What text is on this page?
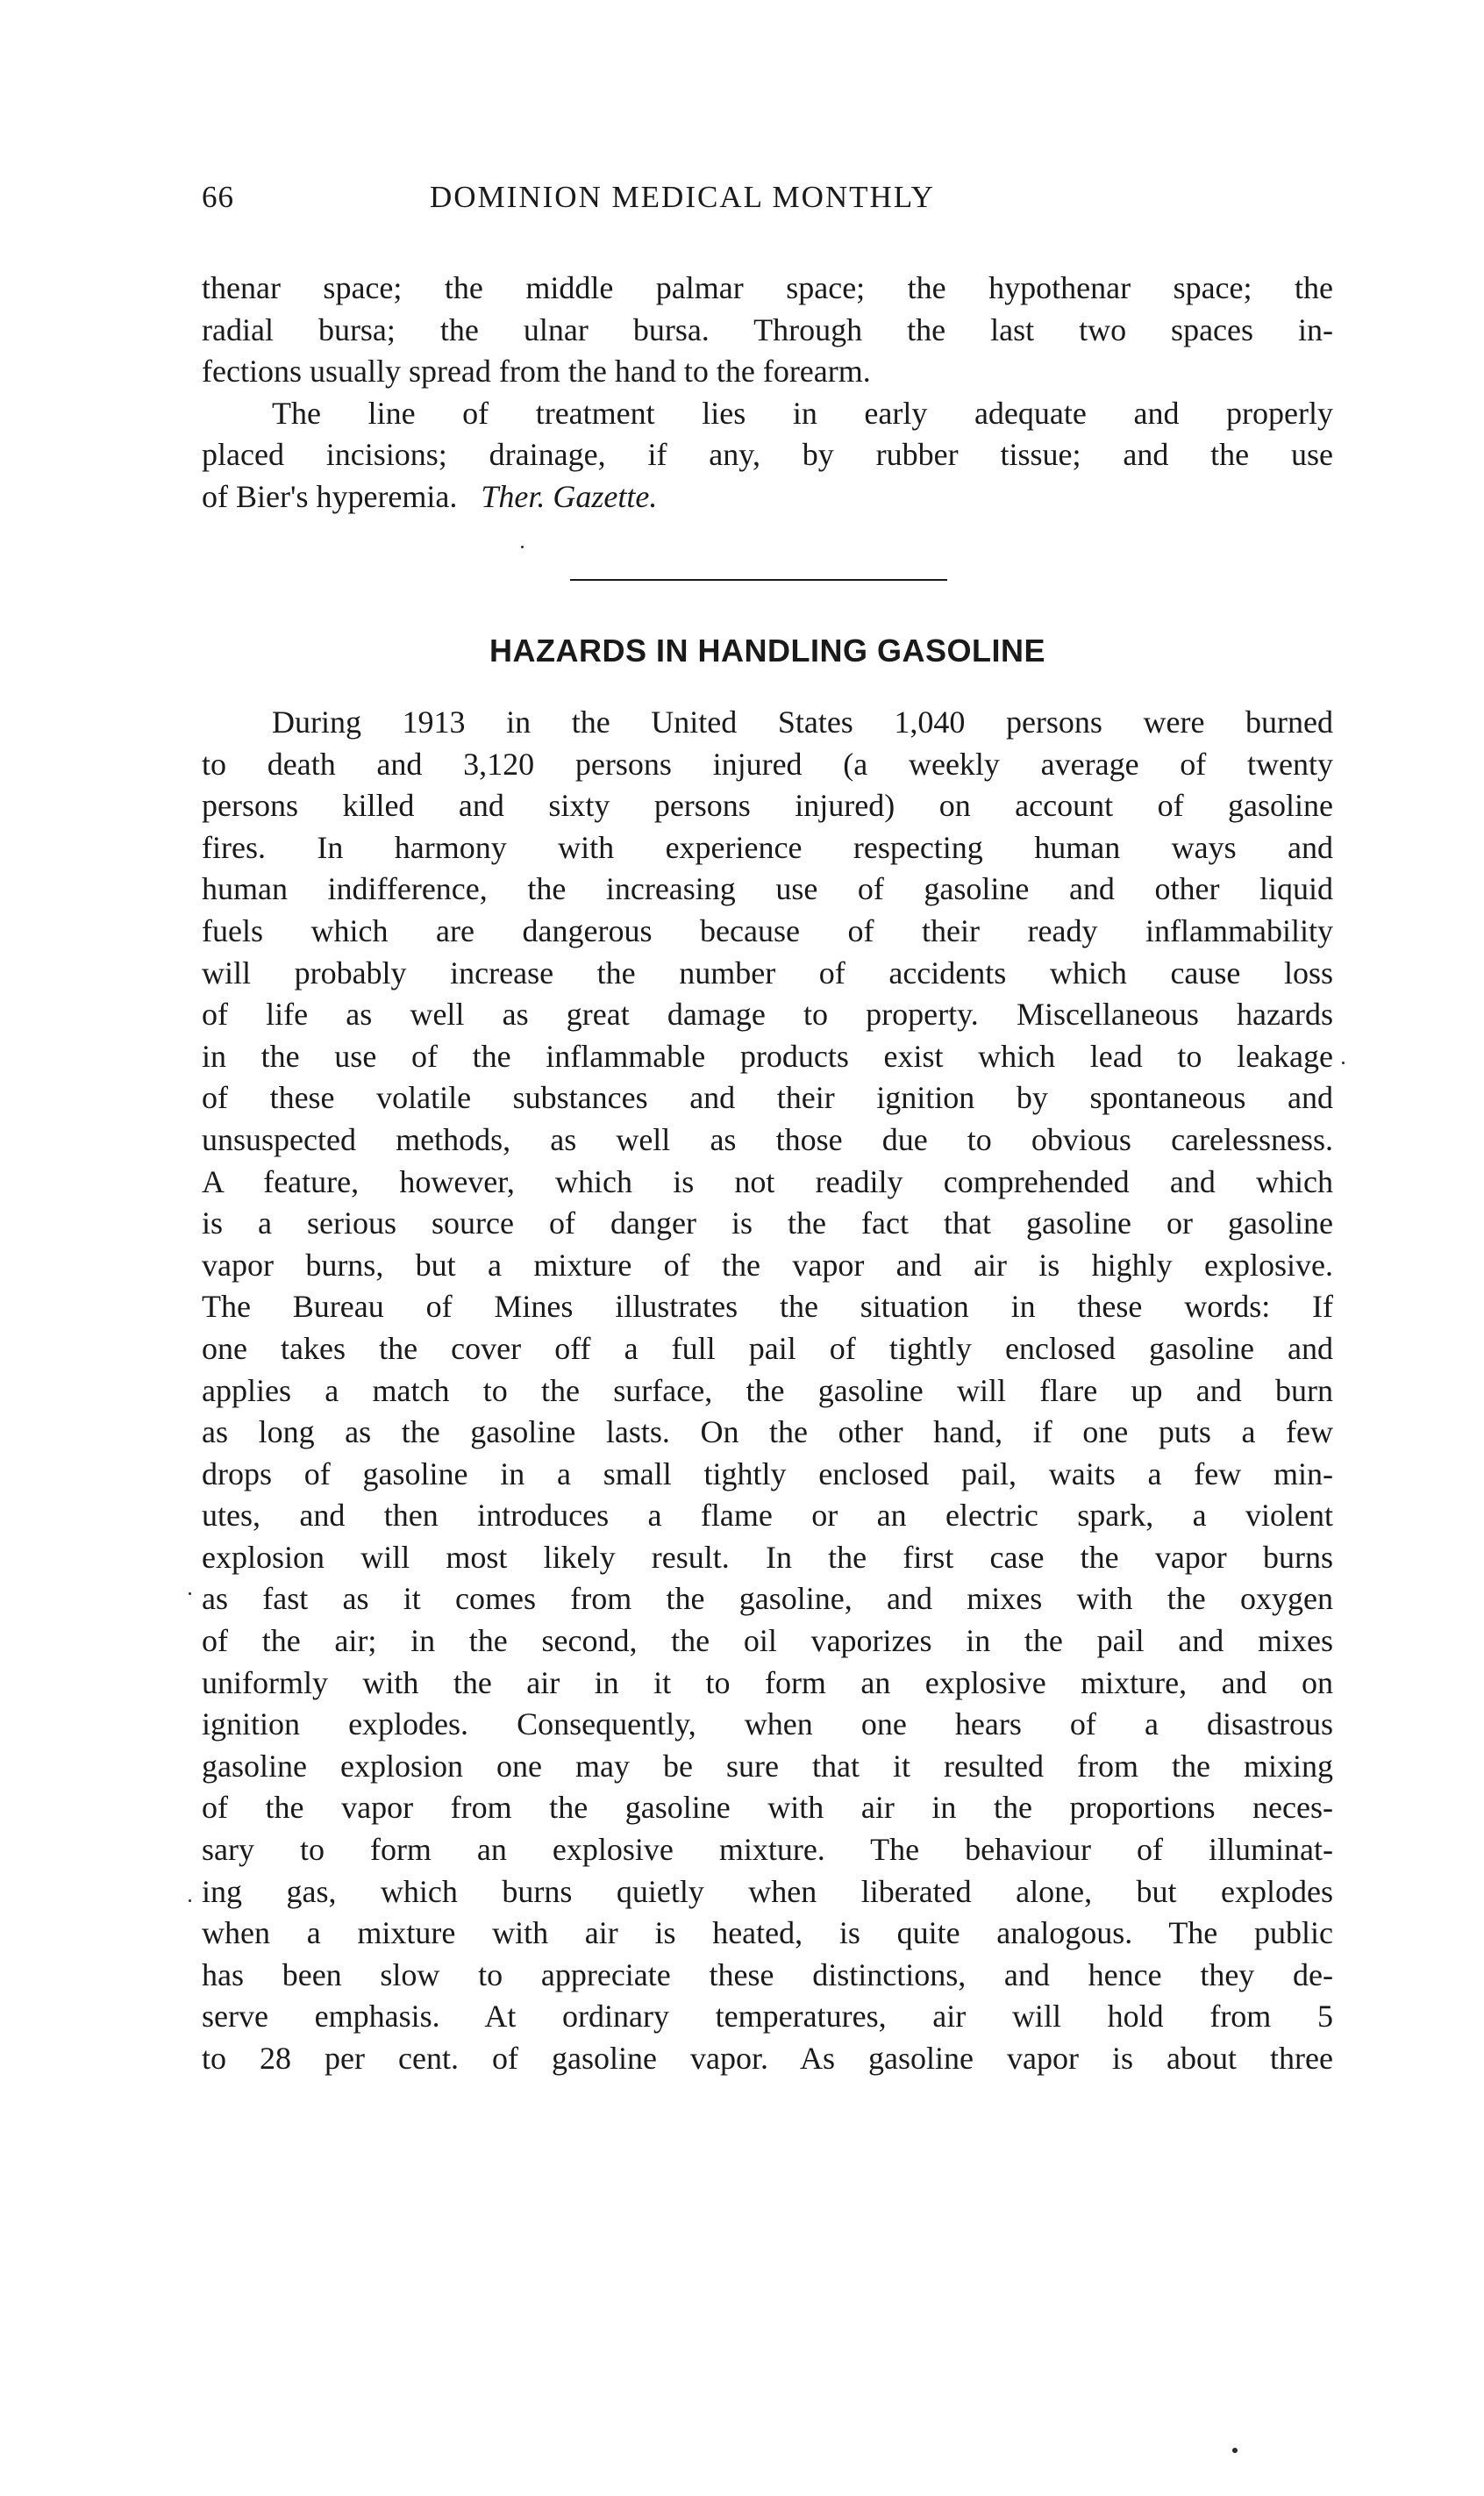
66	DOMINION MEDICAL MONTHLY
thenar space; the middle palmar space; the hypothenar space; the
radial bursa; the ulnar bursa. Through the last two spaces in-
fections usually spread from the hand to the forearm.
The line of treatment lies in early adequate and properly
placed incisions; drainage, if any, by rubber tissue; and the use
of Bier's hyperemia. Ther. Gazette.
HAZARDS IN HANDLING GASOLINE
During 1913 in the United States 1,040 persons were burned
to death and 3,120 persons injured (a weekly average of twenty
persons killed and sixty persons injured) on account of gasoline
fires. In harmony with experience respecting human ways and
human indifference, the increasing use of gasoline and other liquid
fuels which are dangerous because of their ready inflammability
will probably increase the number of accidents which cause loss
of life as well as great damage to property. Miscellaneous hazards
in the use of the inflammable products exist which lead to leakage
of these volatile substances and their ignition by spontaneous and
unsuspected methods, as well as those due to obvious carelessness.
A feature, however, which is not readily comprehended and which
is a serious source of danger is the fact that gasoline or gasoline
vapor burns, but a mixture of the vapor and air is highly explosive.
The Bureau of Mines illustrates the situation in these words: If
one takes the cover off a full pail of tightly enclosed gasoline and
applies a match to the surface, the gasoline will flare up and burn
as long as the gasoline lasts. On the other hand, if one puts a few
drops of gasoline in a small tightly enclosed pail, waits a few min-
utes, and then introduces a flame or an electric spark, a violent
explosion will most likely result. In the first case the vapor burns
as fast as it comes from the gasoline, and mixes with the oxygen
of the air; in the second, the oil vaporizes in the pail and mixes
uniformly with the air in it to form an explosive mixture, and on
ignition explodes. Consequently, when one hears of a disastrous
gasoline explosion one may be sure that it resulted from the mixing
of the vapor from the gasoline with air in the proportions neces-
sary to form an explosive mixture. The behaviour of illuminat-
ing gas, which burns quietly when liberated alone, but explodes
when a mixture with air is heated, is quite analogous. The public
has been slow to appreciate these distinctions, and hence they de-
serve emphasis. At ordinary temperatures, air will hold from 5
to 28 per cent. of gasoline vapor. As gasoline vapor is about three
